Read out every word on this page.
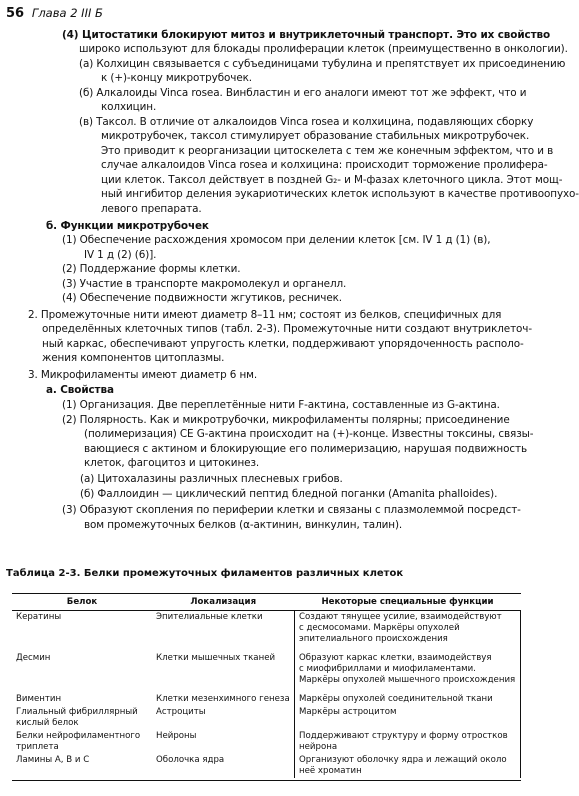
56 Глава 2 III Б
(4) Цитостатики блокируют митоз и внутриклеточный транспорт. Это их свойство
широко используют для блокады пролиферации клеток (преимущественно в онкологии).
(а) Колхицин связывается с субъединицами тубулина и препятствует их присоединению
к (+)-концу микротрубочек.
(б) Алкалоиды Vinca rosea. Винбластин и его аналоги имеют тот же эффект, что и
колхицин.
(в) Таксол. В отличие от алкалоидов Vinca rosea и колхицина, подавляющих сборку
микротрубочек, таксол стимулирует образование стабильных микротрубочек.
Это приводит к реорганизации цитоскелета с тем же конечным эффектом, что и в
случае алкалоидов Vinca rosea и колхицина: происходит торможение пролифера-
ции клеток. Таксол действует в поздней G₂- и M-фазах клеточного цикла. Этот мощ-
ный ингибитор деления эукариотических клеток используют в качестве противоопухо-
левого препарата.
б. Функции микротрубочек
(1) Обеспечение расхождения хромосом при делении клеток [см. IV 1 д (1) (в),
IV 1 д (2) (6)].
(2) Поддержание формы клетки.
(3) Участие в транспорте макромолекул и органелл.
(4) Обеспечение подвижности жгутиков, ресничек.
2. Промежуточные нити имеют диаметр 8–11 нм; состоят из белков, специфичных для
определённых клеточных типов (табл. 2-3). Промежуточные нити создают внутриклеточ-
ный каркас, обеспечивают упругость клетки, поддерживают упорядоченность располо-
жения компонентов цитоплазмы.
3. Микрофиламенты имеют диаметр 6 нм.
а. Свойства
(1) Организация. Две переплетённые нити F-актина, составленные из G-актина.
(2) Полярность. Как и микротрубочки, микрофиламенты полярны; присоединение
(полимеризация) СЕ G-актина происходит на (+)-конце. Известны токсины, связы-
вающиеся с актином и блокирующие его полимеризацию, нарушая подвижность
клеток, фагоцитоз и цитокинез.
(а) Цитохалазины различных плесневых грибов.
(б) Фаллоидин — циклический пептид бледной поганки (Amanita phalloides).
(3) Образуют скопления по периферии клетки и связаны с плазмолеммой посредст-
вом промежуточных белков (α-актинин, винкулин, талин).
Таблица 2-3. Белки промежуточных филаментов различных клеток
Белок	Локализация	Некоторые специальные функции
Кератины	Эпителиальные клетки	Создают тянущее усилие, взаимодействуют
с десмосомами. Маркёры опухолей
эпителиального происхождения
Десмин	Клетки мышечных тканей	Образуют каркас клетки, взаимодействуя
с миофибриллами и миофиламентами.
Маркёры опухолей мышечного происхождения
Виментин	Клетки мезенхимного генеза	Маркёры опухолей соединительной ткани
Глиальный фибриллярный
кислый белок	Астроциты	Маркёры астроцитом
Белки нейрофиламентного
триплета	Нейроны	Поддерживают структуру и форму отростков
нейрона
Ламины A, B и C	Оболочка ядра	Организуют оболочку ядра и лежащий около
неё хроматин
